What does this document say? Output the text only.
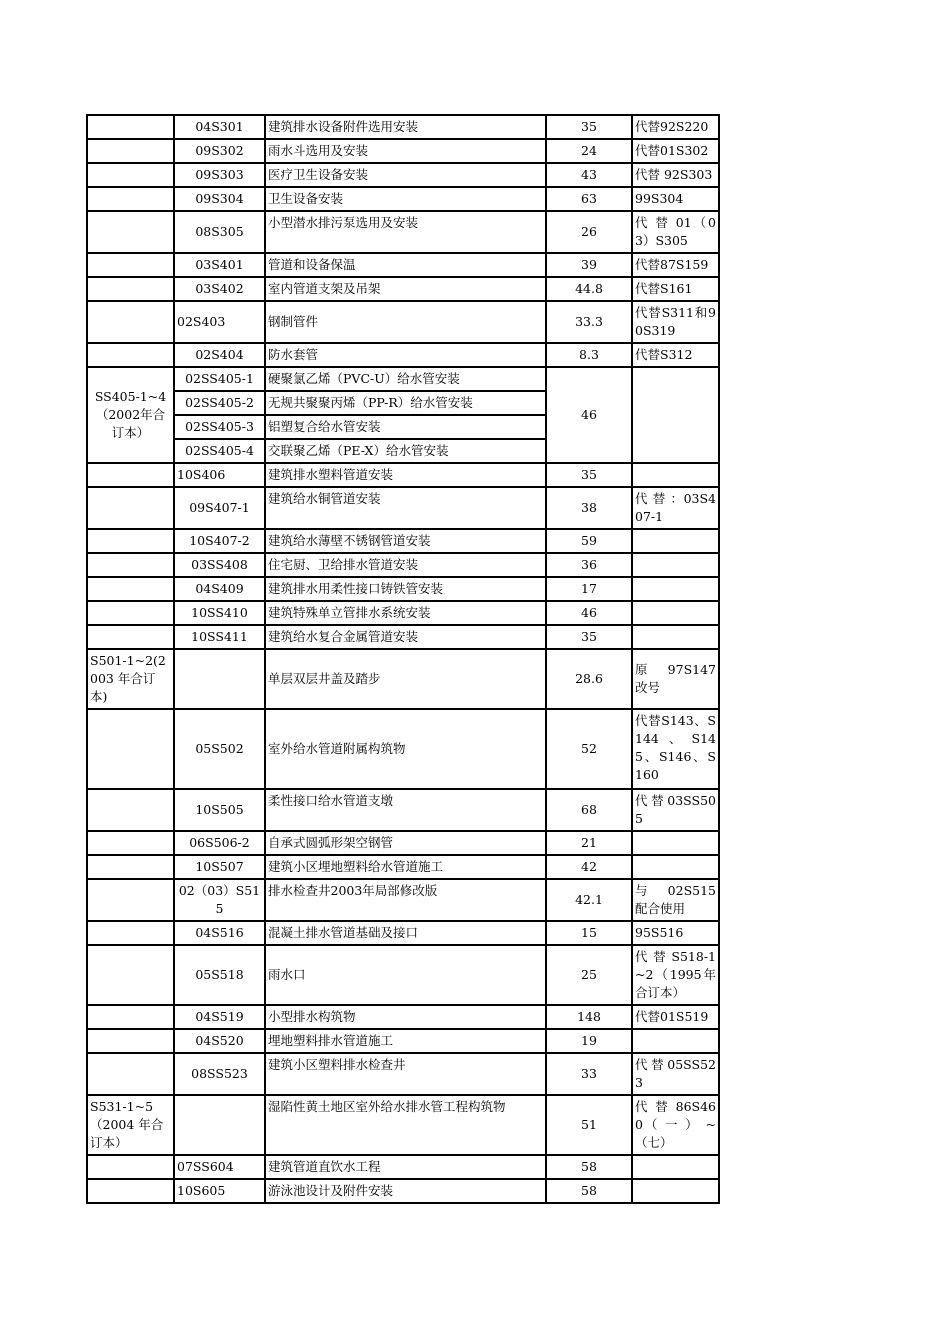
	04S301	建筑排水设备附件选用安装	35	代替92S220
	09S302	雨水斗选用及安装	24	代替01S302
	09S303	医疗卫生设备安装	43	代替 92S303
	09S304	卫生设备安装	63	99S304
	08S305	小型潜水排污泵选用及安装	26	代 替 01（03）S305
	03S401	管道和设备保温	39	代替87S159
	03S402	室内管道支架及吊架	44.8	代替S161
	02S403	钢制管件	33.3	代替S311和90S319
	02S404	防水套管	8.3	代替S312
SS405-1~4（2002年合订本）	02SS405-1	硬聚氯乙烯（PVC-U）给水管安装	46	
	02SS405-2	无规共聚聚丙烯（PP-R）给水管安装		
	02SS405-3	铝塑复合给水管安装		
	02SS405-4	交联聚乙烯（PE-X）给水管安装		
	10S406	建筑排水塑料管道安装	35	
	09S407-1	建筑给水铜管道安装	38	代 替 ：03S407-1
	10S407-2	建筑给水薄壁不锈钢管道安装	59	
	03SS408	住宅厨、卫给排水管道安装	36	
	04S409	建筑排水用柔性接口铸铁管安装	17	
	10SS410	建筑特殊单立管排水系统安装	46	
	10SS411	建筑给水复合金属管道安装	35	
S501-1~2(2003 年合订本)		单层双层井盖及踏步	28.6	原 97S147 改号
	05S502	室外给水管道附属构筑物	52	代替S143、S144、S145、S146、S160
	10S505	柔性接口给水管道支墩	68	代替03SS505
	06S506-2	自承式圆弧形架空钢管	21	
	10S507	建筑小区埋地塑料给水管道施工	42	
	02（03）S515	排水检查井2003年局部修改版	42.1	与 02S515 配合使用
	04S516	混凝土排水管道基础及接口	15	95S516
	05S518	雨水口	25	代 替 S518-1~2（1995年合订本）
	04S519	小型排水构筑物	148	代替01S519
	04S520	埋地塑料排水管道施工	19	
	08SS523	建筑小区塑料排水检查井	33	代替05SS523
S531-1~5（2004 年合订本）		湿陷性黄土地区室外给水排水管工程构筑物	51	代 替 86S460（ 一 ） ~（七）
	07SS604	建筑管道直饮水工程	58	
	10S605	游泳池设计及附件安装	58	
